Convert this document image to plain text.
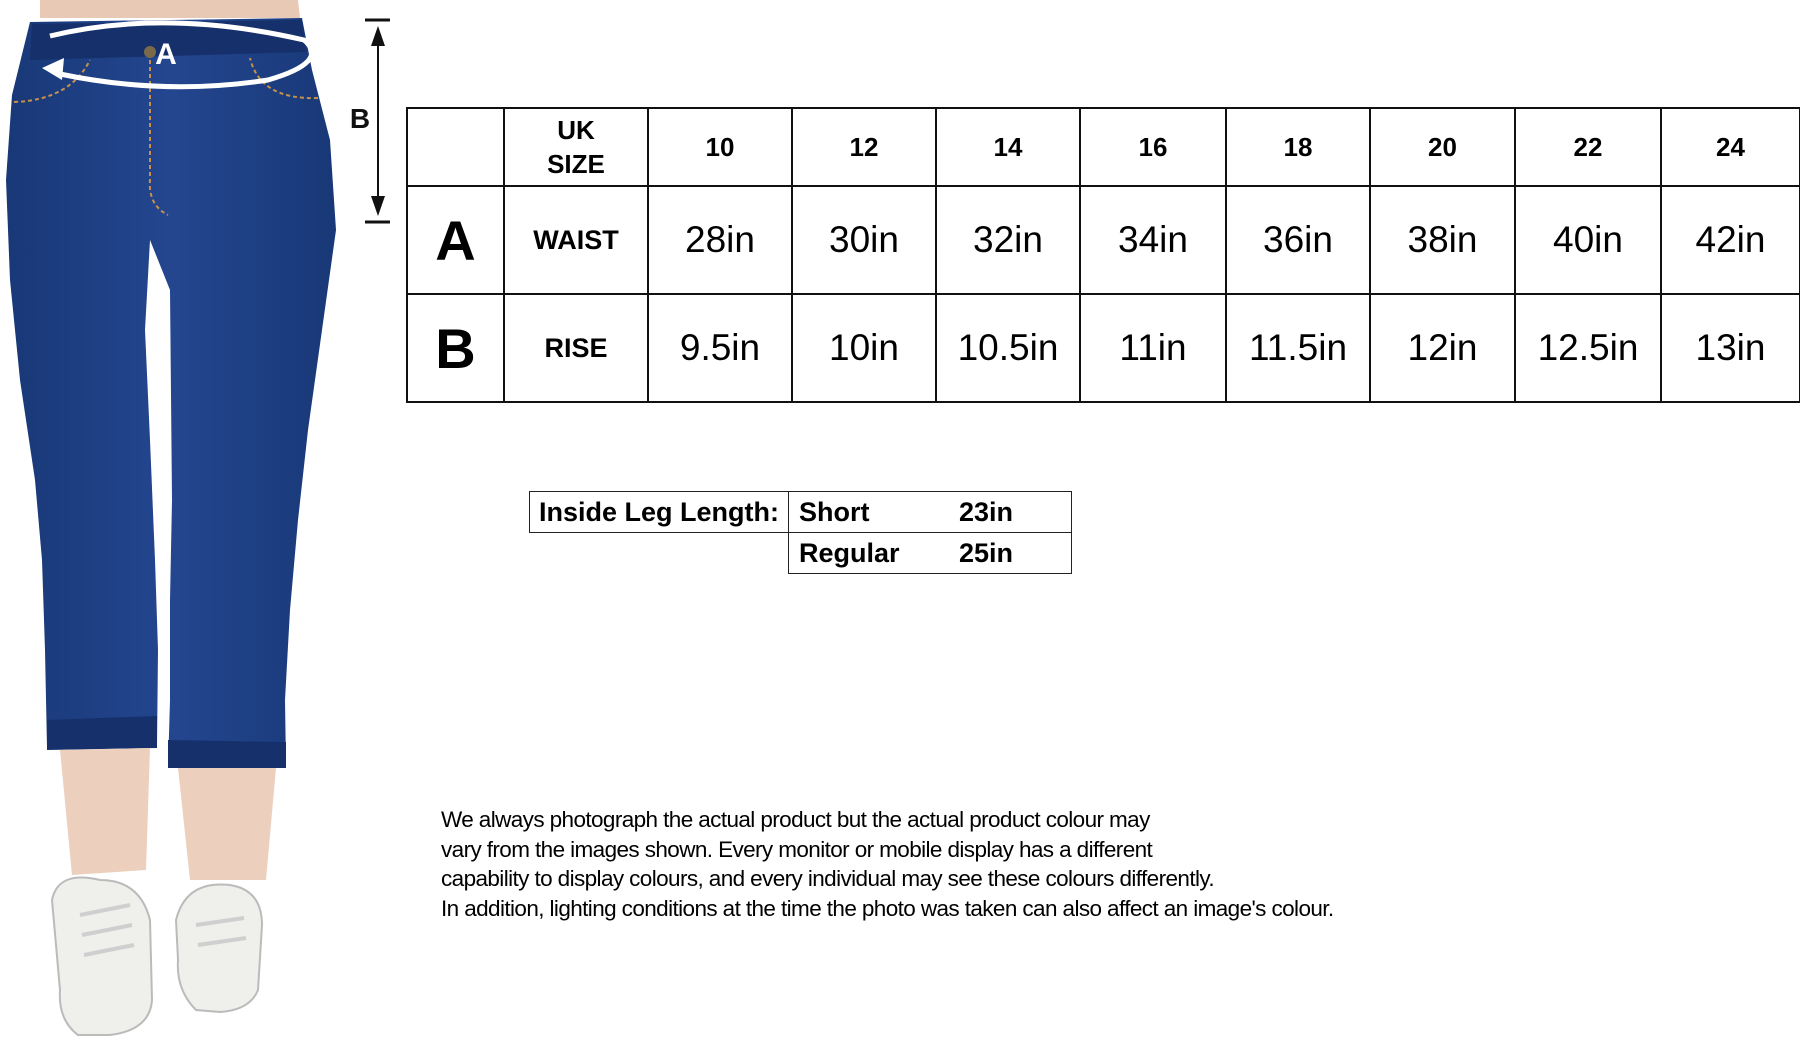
A
B

	UK
SIZE	10	12	14	16	18	20	22	24
A	WAIST	28in	30in	32in	34in	36in	38in	40in	42in
B	RISE	9.5in	10in	10.5in	11in	11.5in	12in	12.5in	13in
Inside Leg Length:	Short	23in
	Regular	25in

We always photograph the actual product but the actual product colour may

vary from the images shown. Every monitor or mobile display has a different

capability to display colours, and every individual may see these colours differently.

In addition, lighting conditions at the time the photo was taken can also affect an image's colour.
